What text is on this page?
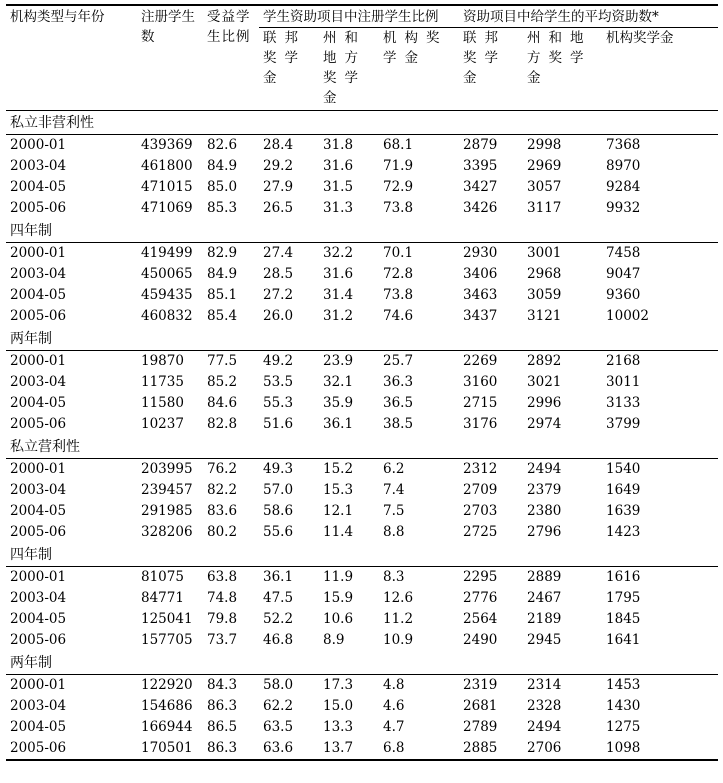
机构类型与年份	注册学生数	受益学生比例	学生资助项目中注册学生比例			资助项目中给学生的平均资助数*		
			联邦奖学金	州和地方奖学金	机构奖学金	联邦奖学金	州和地方奖学金	机构奖学金
私立非营利性								
2000-01	439369	82.6	28.4	31.8	68.1	2879	2998	7368
2003-04	461800	84.9	29.2	31.6	71.9	3395	2969	8970
2004-05	471015	85.0	27.9	31.5	72.9	3427	3057	9284
2005-06	471069	85.3	26.5	31.3	73.8	3426	3117	9932
四年制								
2000-01	419499	82.9	27.4	32.2	70.1	2930	3001	7458
2003-04	450065	84.9	28.5	31.6	72.8	3406	2968	9047
2004-05	459435	85.1	27.2	31.4	73.8	3463	3059	9360
2005-06	460832	85.4	26.0	31.2	74.6	3437	3121	10002
两年制								
2000-01	19870	77.5	49.2	23.9	25.7	2269	2892	2168
2003-04	11735	85.2	53.5	32.1	36.3	3160	3021	3011
2004-05	11580	84.6	55.3	35.9	36.5	2715	2996	3133
2005-06	10237	82.8	51.6	36.1	38.5	3176	2974	3799
私立营利性								
2000-01	203995	76.2	49.3	15.2	6.2	2312	2494	1540
2003-04	239457	82.2	57.0	15.3	7.4	2709	2379	1649
2004-05	291985	83.6	58.6	12.1	7.5	2703	2380	1639
2005-06	328206	80.2	55.6	11.4	8.8	2725	2796	1423
四年制								
2000-01	81075	63.8	36.1	11.9	8.3	2295	2889	1616
2003-04	84771	74.8	47.5	15.9	12.6	2776	2467	1795
2004-05	125041	79.8	52.2	10.6	11.2	2564	2189	1845
2005-06	157705	73.7	46.8	8.9	10.9	2490	2945	1641
两年制								
2000-01	122920	84.3	58.0	17.3	4.8	2319	2314	1453
2003-04	154686	86.3	62.2	15.0	4.6	2681	2328	1430
2004-05	166944	86.5	63.5	13.3	4.7	2789	2494	1275
2005-06	170501	86.3	63.6	13.7	6.8	2885	2706	1098
